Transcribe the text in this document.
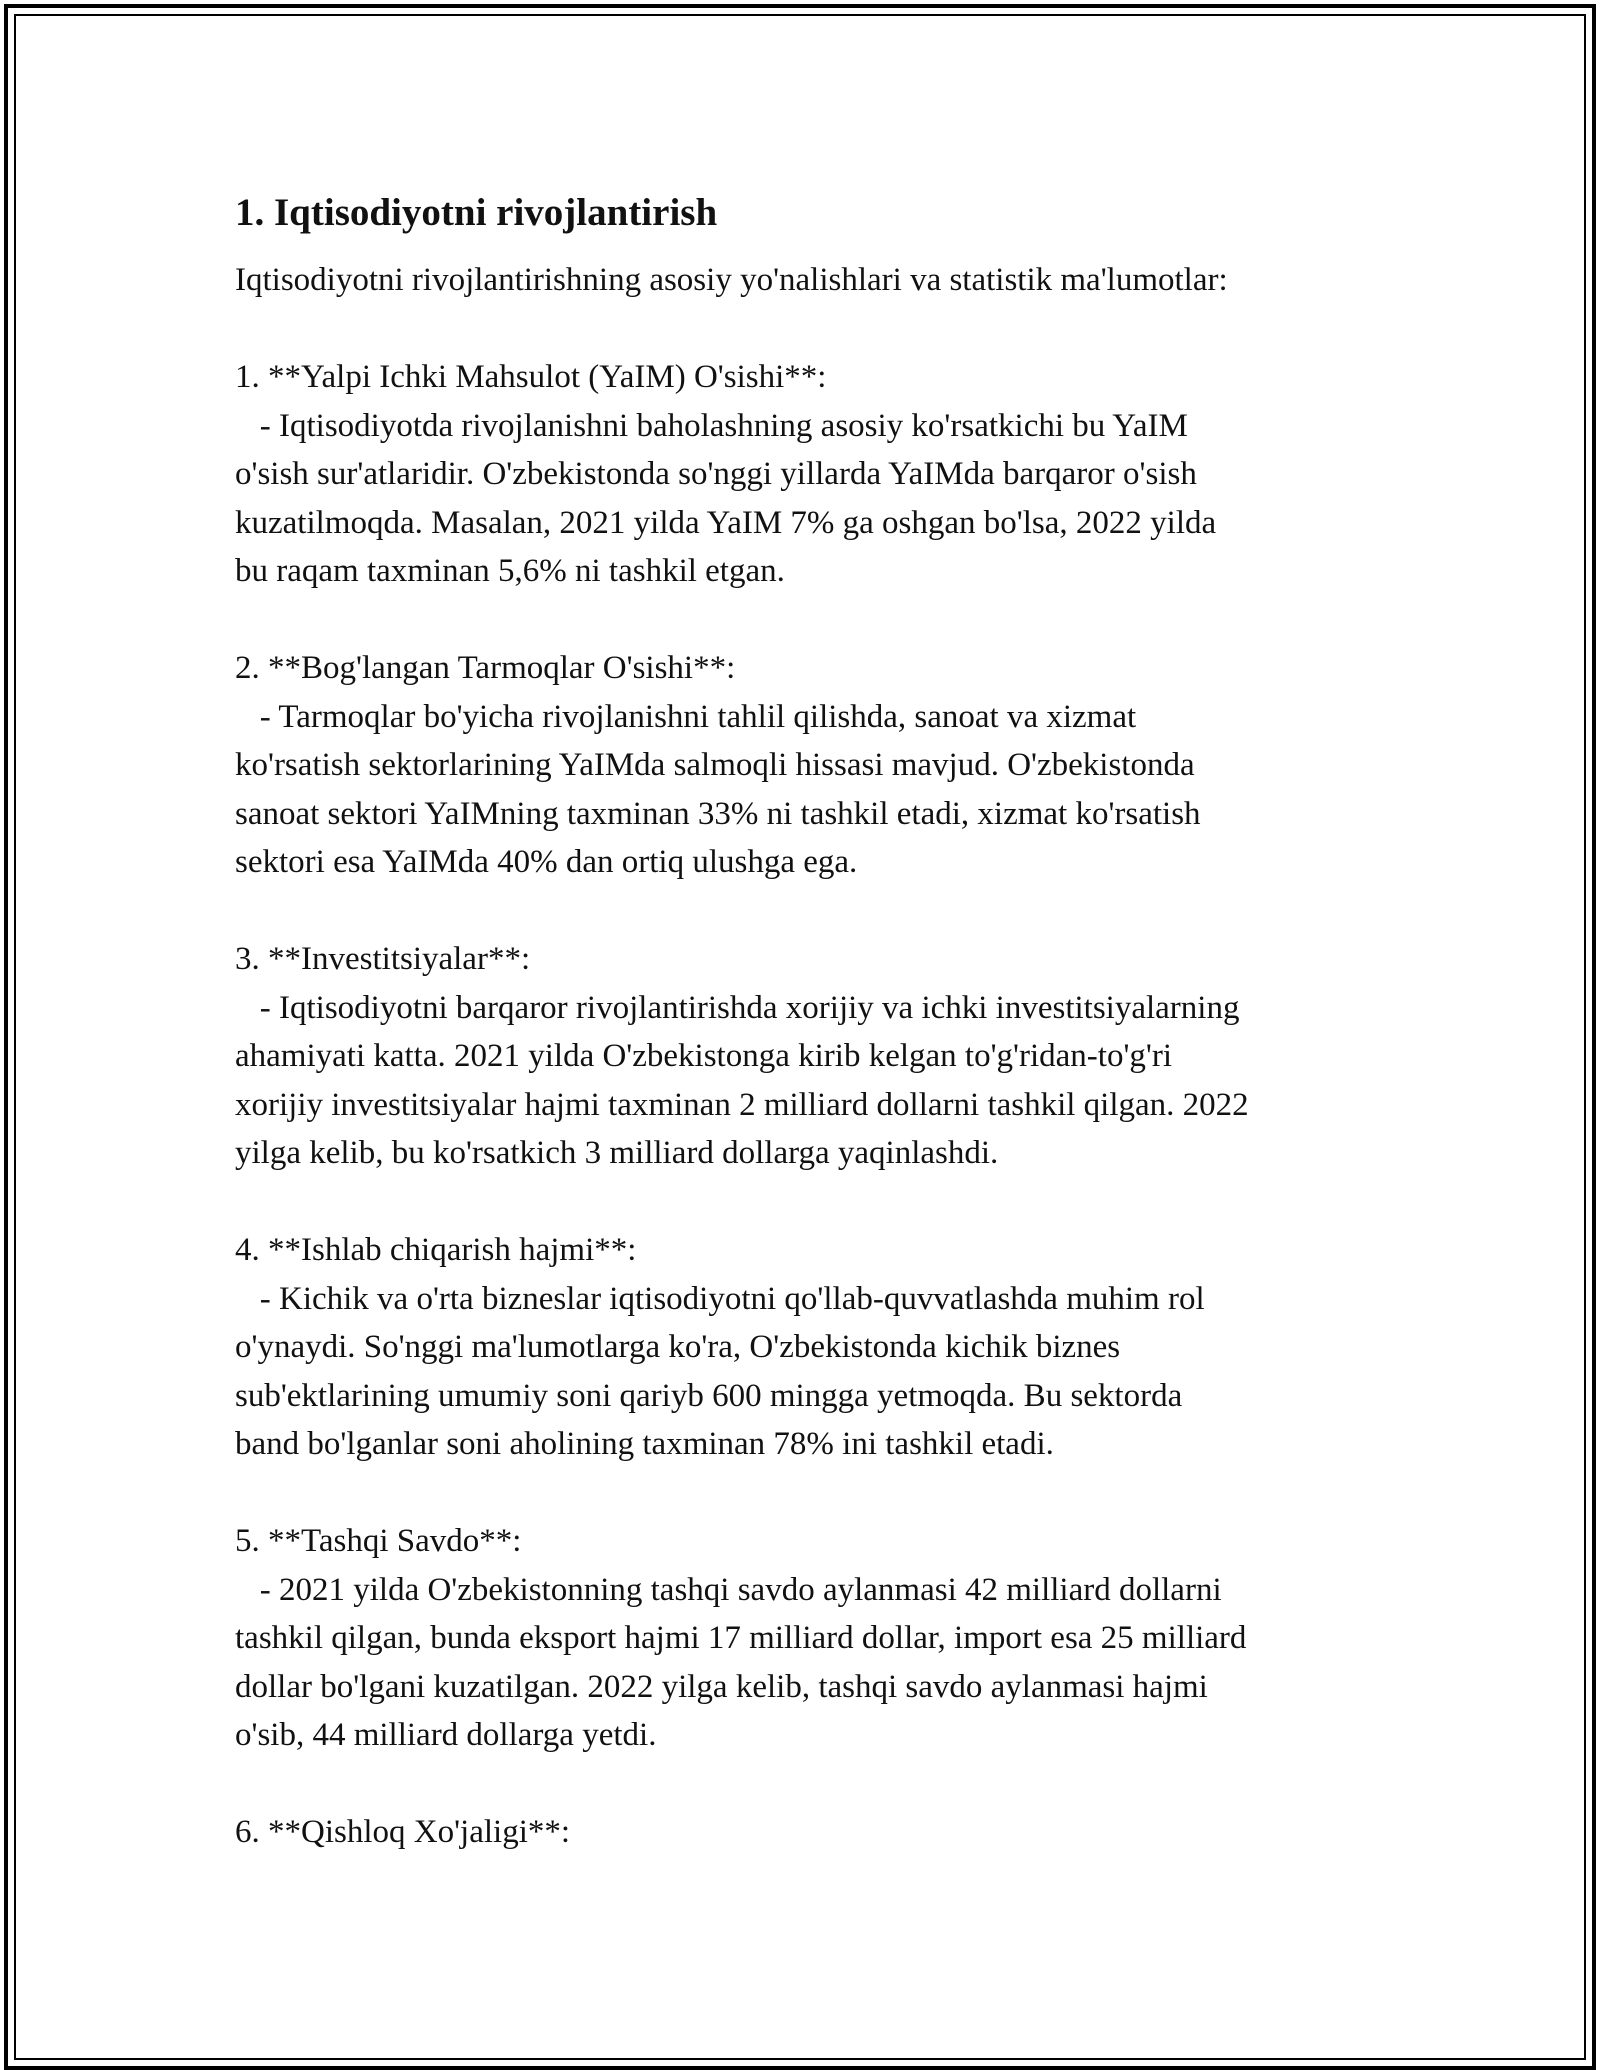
1. Iqtisodiyotni rivojlantirish

Iqtisodiyotni rivojlantirishning asosiy yo'nalishlari va statistik ma'lumotlar:

1. **Yalpi Ichki Mahsulot (YaIM) O'sishi**:

- Iqtisodiyotda rivojlanishni baholashning asosiy ko'rsatkichi bu YaIM

o'sish sur'atlaridir. O'zbekistonda so'nggi yillarda YaIMda barqaror o'sish

kuzatilmoqda. Masalan, 2021 yilda YaIM 7% ga oshgan bo'lsa, 2022 yilda

bu raqam taxminan 5,6% ni tashkil etgan.

2. **Bog'langan Tarmoqlar O'sishi**:

- Tarmoqlar bo'yicha rivojlanishni tahlil qilishda, sanoat va xizmat

ko'rsatish sektorlarining YaIMda salmoqli hissasi mavjud. O'zbekistonda

sanoat sektori YaIMning taxminan 33% ni tashkil etadi, xizmat ko'rsatish

sektori esa YaIMda 40% dan ortiq ulushga ega.

3. **Investitsiyalar**:

- Iqtisodiyotni barqaror rivojlantirishda xorijiy va ichki investitsiyalarning

ahamiyati katta. 2021 yilda O'zbekistonga kirib kelgan to'g'ridan-to'g'ri

xorijiy investitsiyalar hajmi taxminan 2 milliard dollarni tashkil qilgan. 2022

yilga kelib, bu ko'rsatkich 3 milliard dollarga yaqinlashdi.

4. **Ishlab chiqarish hajmi**:

- Kichik va o'rta bizneslar iqtisodiyotni qo'llab-quvvatlashda muhim rol

o'ynaydi. So'nggi ma'lumotlarga ko'ra, O'zbekistonda kichik biznes

sub'ektlarining umumiy soni qariyb 600 mingga yetmoqda. Bu sektorda

band bo'lganlar soni aholining taxminan 78% ini tashkil etadi.

5. **Tashqi Savdo**:

- 2021 yilda O'zbekistonning tashqi savdo aylanmasi 42 milliard dollarni

tashkil qilgan, bunda eksport hajmi 17 milliard dollar, import esa 25 milliard

dollar bo'lgani kuzatilgan. 2022 yilga kelib, tashqi savdo aylanmasi hajmi

o'sib, 44 milliard dollarga yetdi.

6. **Qishloq Xo'jaligi**:
